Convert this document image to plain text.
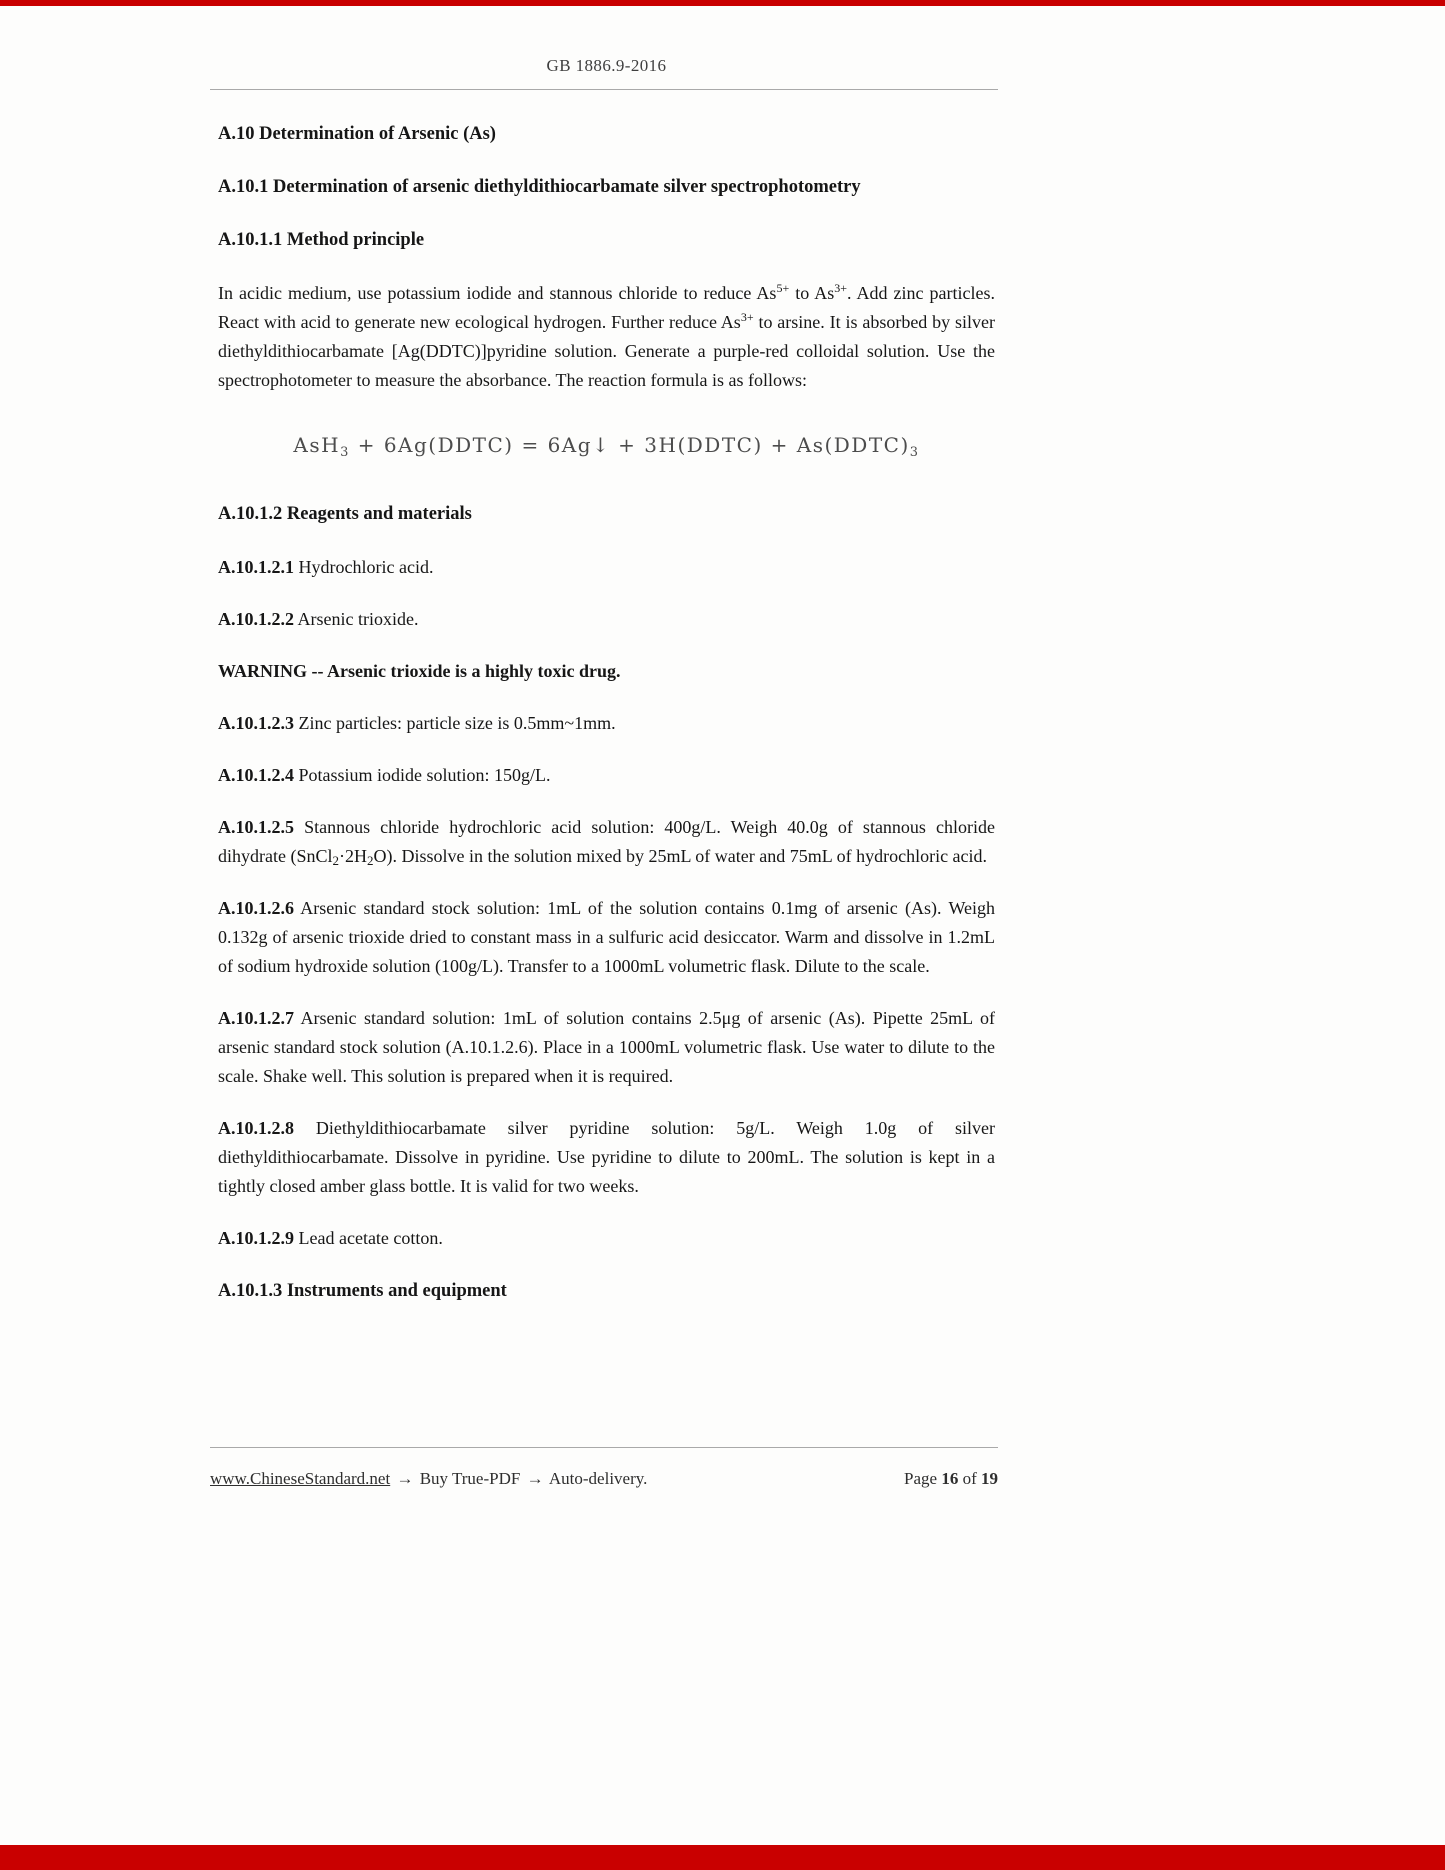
GB 1886.9-2016
A.10 Determination of Arsenic (As)
A.10.1 Determination of arsenic diethyldithiocarbamate silver spectrophotometry
A.10.1.1 Method principle

In acidic medium, use potassium iodide and stannous chloride to reduce $As^{5+}$ to $As^{3+}$. Add zinc particles. React with acid to generate new ecological hydrogen. Further reduce $As^{3+}$ to arsine. It is absorbed by silver diethyldithiocarbamate [Ag(DDTC)]pyridine solution. Generate a purple-red colloidal solution. Use the spectrophotometer to measure the absorbance. The reaction formula is as follows:

AsH$_3$ + 6Ag(DDTC) = 6Ag↓ + 3H(DDTC) + $As(DDTC)_3$
A.10.1.2 Reagents and materials

A.10.1.2.1 Hydrochloric acid.

A.10.1.2.2 Arsenic trioxide.

WARNING -- Arsenic trioxide is a highly toxic drug.

A.10.1.2.3 Zinc particles: particle size is 0.5mm~1mm.

A.10.1.2.4 Potassium iodide solution: 150g/L.

A.10.1.2.5 Stannous chloride hydrochloric acid solution: 400g/L. Weigh 40.0g of stannous chloride dihydrate $(SnCl_2\cdot 2H_2O)$. Dissolve in the solution mixed by 25mL of water and 75mL of hydrochloric acid.

A.10.1.2.6 Arsenic standard stock solution: 1mL of the solution contains 0.1mg of arsenic (As). Weigh 0.132g of arsenic trioxide dried to constant mass in a sulfuric acid desiccator. Warm and dissolve in 1.2mL of sodium hydroxide solution (100g/L). Transfer to a 1000mL volumetric flask. Dilute to the scale.

A.10.1.2.7 Arsenic standard solution: 1mL of solution contains 2.5μg of arsenic (As). Pipette 25mL of arsenic standard stock solution (A.10.1.2.6). Place in a 1000mL volumetric flask. Use water to dilute to the scale. Shake well. This solution is prepared when it is required.

A.10.1.2.8 Diethyldithiocarbamate silver pyridine solution: 5g/L. Weigh 1.0g of silver diethyldithiocarbamate. Dissolve in pyridine. Use pyridine to dilute to 200mL. The solution is kept in a tightly closed amber glass bottle. It is valid for two weeks.

A.10.1.2.9 Lead acetate cotton.

A.10.1.3 Instruments and equipment
www.ChineseStandard.net → Buy True-PDF → Auto-delivery.	Page 16 of 19
